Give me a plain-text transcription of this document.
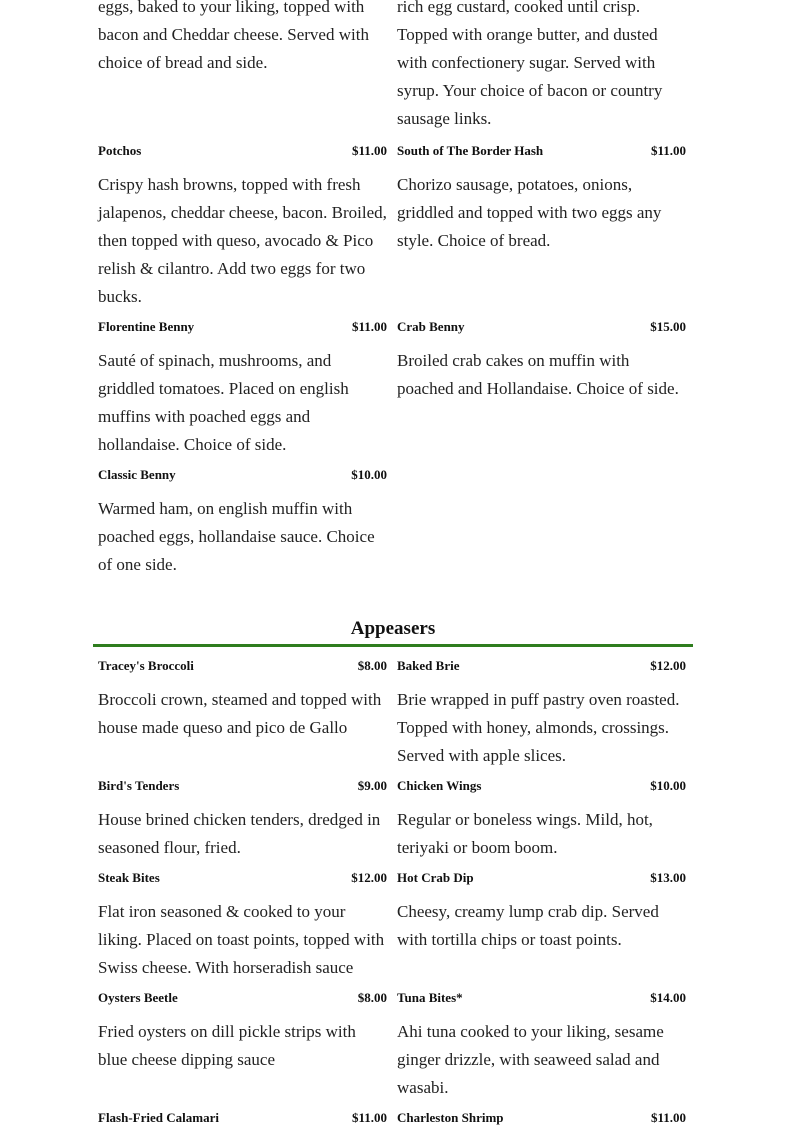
eggs, baked to your liking, topped with bacon and Cheddar cheese. Served with choice of bread and side.
rich egg custard, cooked until crisp. Topped with orange butter, and dusted with confectionery sugar. Served with syrup. Your choice of bacon or country sausage links.
Potchos	$11.00
Crispy hash browns, topped with fresh jalapenos, cheddar cheese, bacon. Broiled, then topped with queso, avocado & Pico relish & cilantro. Add two eggs for two bucks.
Florentine Benny	$11.00
Sauté of spinach, mushrooms, and griddled tomatoes. Placed on english muffins with poached eggs and hollandaise. Choice of side.
Classic Benny	$10.00
Warmed ham, on english muffin with poached eggs, hollandaise sauce. Choice of one side.
South of The Border Hash	$11.00
Chorizo sausage, potatoes, onions, griddled and topped with two eggs any style. Choice of bread.
Crab Benny	$15.00
Broiled crab cakes on muffin with poached and Hollandaise. Choice of side.
Appeasers
Tracey's Broccoli	$8.00
Broccoli crown, steamed and topped with house made queso and pico de Gallo
Bird's Tenders	$9.00
House brined chicken tenders, dredged in seasoned flour, fried.
Steak Bites	$12.00
Flat iron seasoned & cooked to your liking. Placed on toast points, topped with Swiss cheese. With horseradish sauce
Oysters Beetle	$8.00
Fried oysters on dill pickle strips with blue cheese dipping sauce
Flash-Fried Calamari	$11.00
Baked Brie	$12.00
Brie wrapped in puff pastry oven roasted. Topped with honey, almonds, crossings. Served with apple slices.
Chicken Wings	$10.00
Regular or boneless wings. Mild, hot, teriyaki or boom boom.
Hot Crab Dip	$13.00
Cheesy, creamy lump crab dip. Served with tortilla chips or toast points.
Tuna Bites*	$14.00
Ahi tuna cooked to your liking, sesame ginger drizzle, with seaweed salad and wasabi.
Charleston Shrimp	$11.00
